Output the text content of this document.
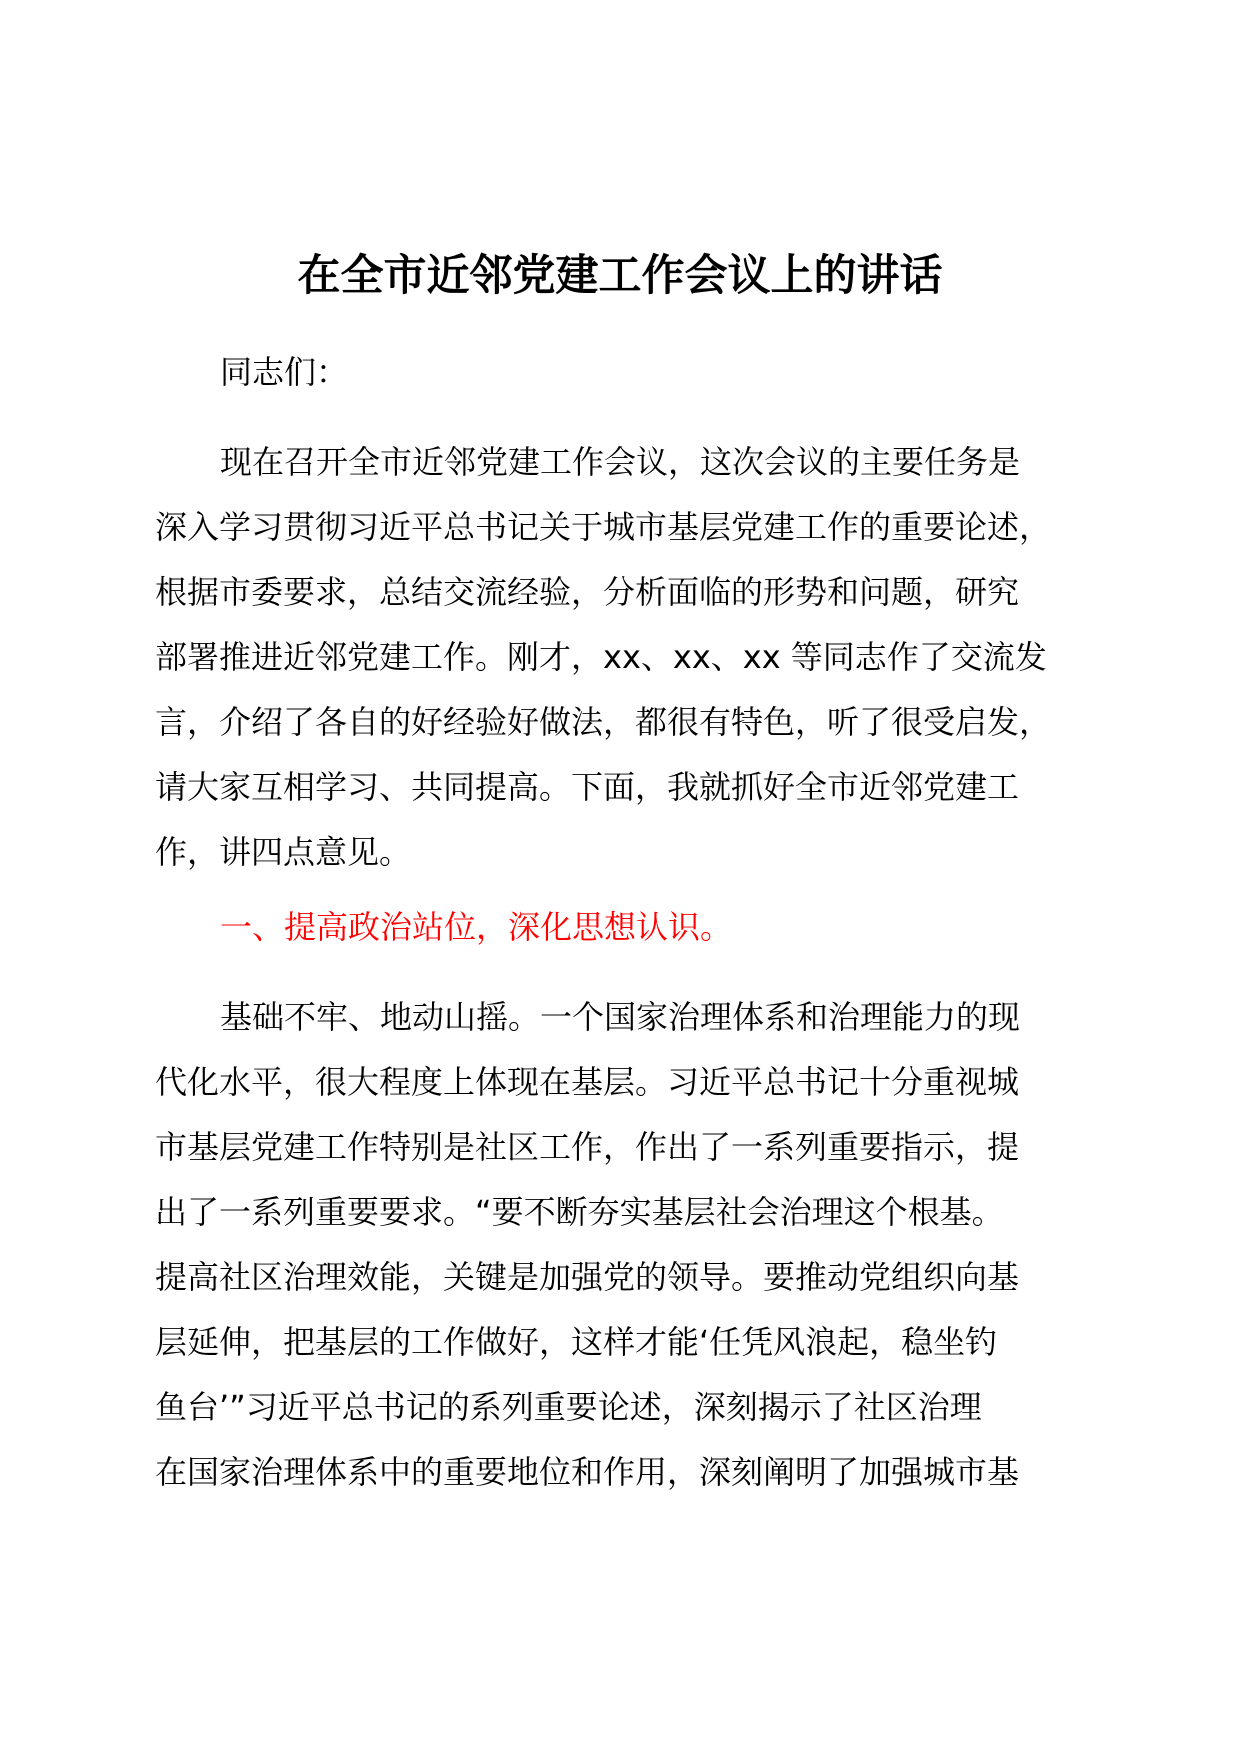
在全市近邻党建工作会议上的讲话
同志们：
现在召开全市近邻党建工作会议，这次会议的主要任务是
深入学习贯彻习近平总书记关于城市基层党建工作的重要论述，
根据市委要求，总结交流经验，分析面临的形势和问题，研究
部署推进近邻党建工作。刚才，xx、xx、xx 等同志作了交流发
言，介绍了各自的好经验好做法，都很有特色，听了很受启发，
请大家互相学习、共同提高。下面，我就抓好全市近邻党建工
作，讲四点意见。
一、提高政治站位，深化思想认识。
基础不牢、地动山摇。一个国家治理体系和治理能力的现
代化水平，很大程度上体现在基层。习近平总书记十分重视城
市基层党建工作特别是社区工作，作出了一系列重要指示，提
出了一系列重要要求。“要不断夯实基层社会治理这个根基。
提高社区治理效能，关键是加强党的领导。要推动党组织向基
层延伸，把基层的工作做好，这样才能‘任凭风浪起，稳坐钓
鱼台’”习近平总书记的系列重要论述，深刻揭示了社区治理
在国家治理体系中的重要地位和作用，深刻阐明了加强城市基
